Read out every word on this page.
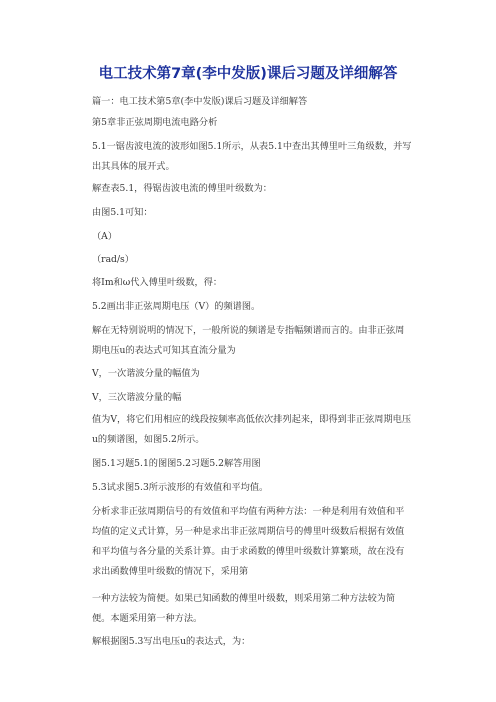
电工技术第7章(李中发版)课后习题及详细解答
篇一：电工技术第5章(李中发版)课后习题及详细解答
第5章非正弦周期电流电路分析
5.1一锯齿波电流的波形如图5.1所示，从表5.1中查出其傅里叶三角级数，并写出其具体的展开式。
解查表5.1，得锯齿波电流的傅里叶级数为：
由图5.1可知：
（A）
（rad/s）
将Im和ω代入傅里叶级数，得：
5.2画出非正弦周期电压（V）的频谱图。
解在无特别说明的情况下，一般所说的频谱是专指幅频谱而言的。由非正弦周期电压u的表达式可知其直流分量为
V，一次谐波分量的幅值为
V，三次谐波分量的幅
值为V，将它们用相应的线段按频率高低依次排列起来，即得到非正弦周期电压u的频谱图，如图5.2所示。
图5.1习题5.1的图图5.2习题5.2解答用图
5.3试求图5.3所示波形的有效值和平均值。
分析求非正弦周期信号的有效值和平均值有两种方法：一种是利用有效值和平均值的定义式计算，另一种是求出非正弦周期信号的傅里叶级数后根据有效值和平均值与各分量的关系计算。由于求函数的傅里叶级数计算繁琐，故在没有求出函数傅里叶级数的情况下，采用第
一种方法较为简便。如果已知函数的傅里叶级数，则采用第二种方法较为简便。本题采用第一种方法。
解根据图5.3写出电压u的表达式，为：
